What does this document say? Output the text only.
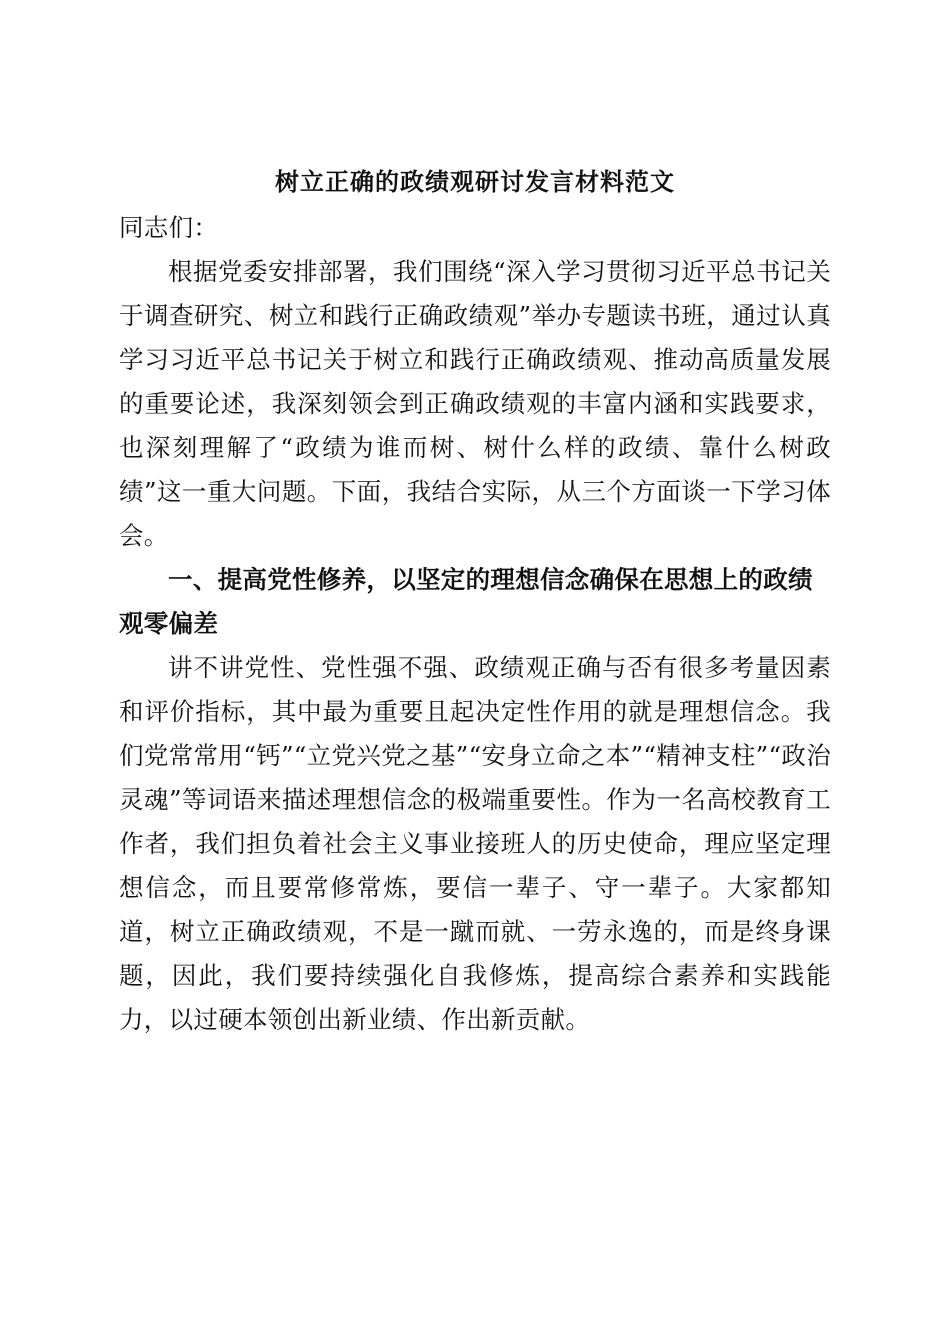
树立正确的政绩观研讨发言材料范文

同志们：

根据党委安排部署，我们围绕“深入学习贯彻习近平总书记关于调查研究、树立和践行正确政绩观”举办专题读书班，通过认真学习习近平总书记关于树立和践行正确政绩观、推动高质量发展的重要论述，我深刻领会到正确政绩观的丰富内涵和实践要求，也深刻理解了“政绩为谁而树、树什么样的政绩、靠什么树政绩”这一重大问题。下面，我结合实际，从三个方面谈一下学习体会。

一、提高党性修养，以坚定的理想信念确保在思想上的政绩观零偏差

讲不讲党性、党性强不强、政绩观正确与否有很多考量因素和评价指标，其中最为重要且起决定性作用的就是理想信念。我们党常常用“钙”“立党兴党之基”“安身立命之本”“精神支柱”“政治灵魂”等词语来描述理想信念的极端重要性。作为一名高校教育工作者，我们担负着社会主义事业接班人的历史使命，理应坚定理想信念，而且要常修常炼，要信一辈子、守一辈子。大家都知道，树立正确政绩观，不是一蹴而就、一劳永逸的，而是终身课题，因此，我们要持续强化自我修炼，提高综合素养和实践能力，以过硬本领创出新业绩、作出新贡献。
